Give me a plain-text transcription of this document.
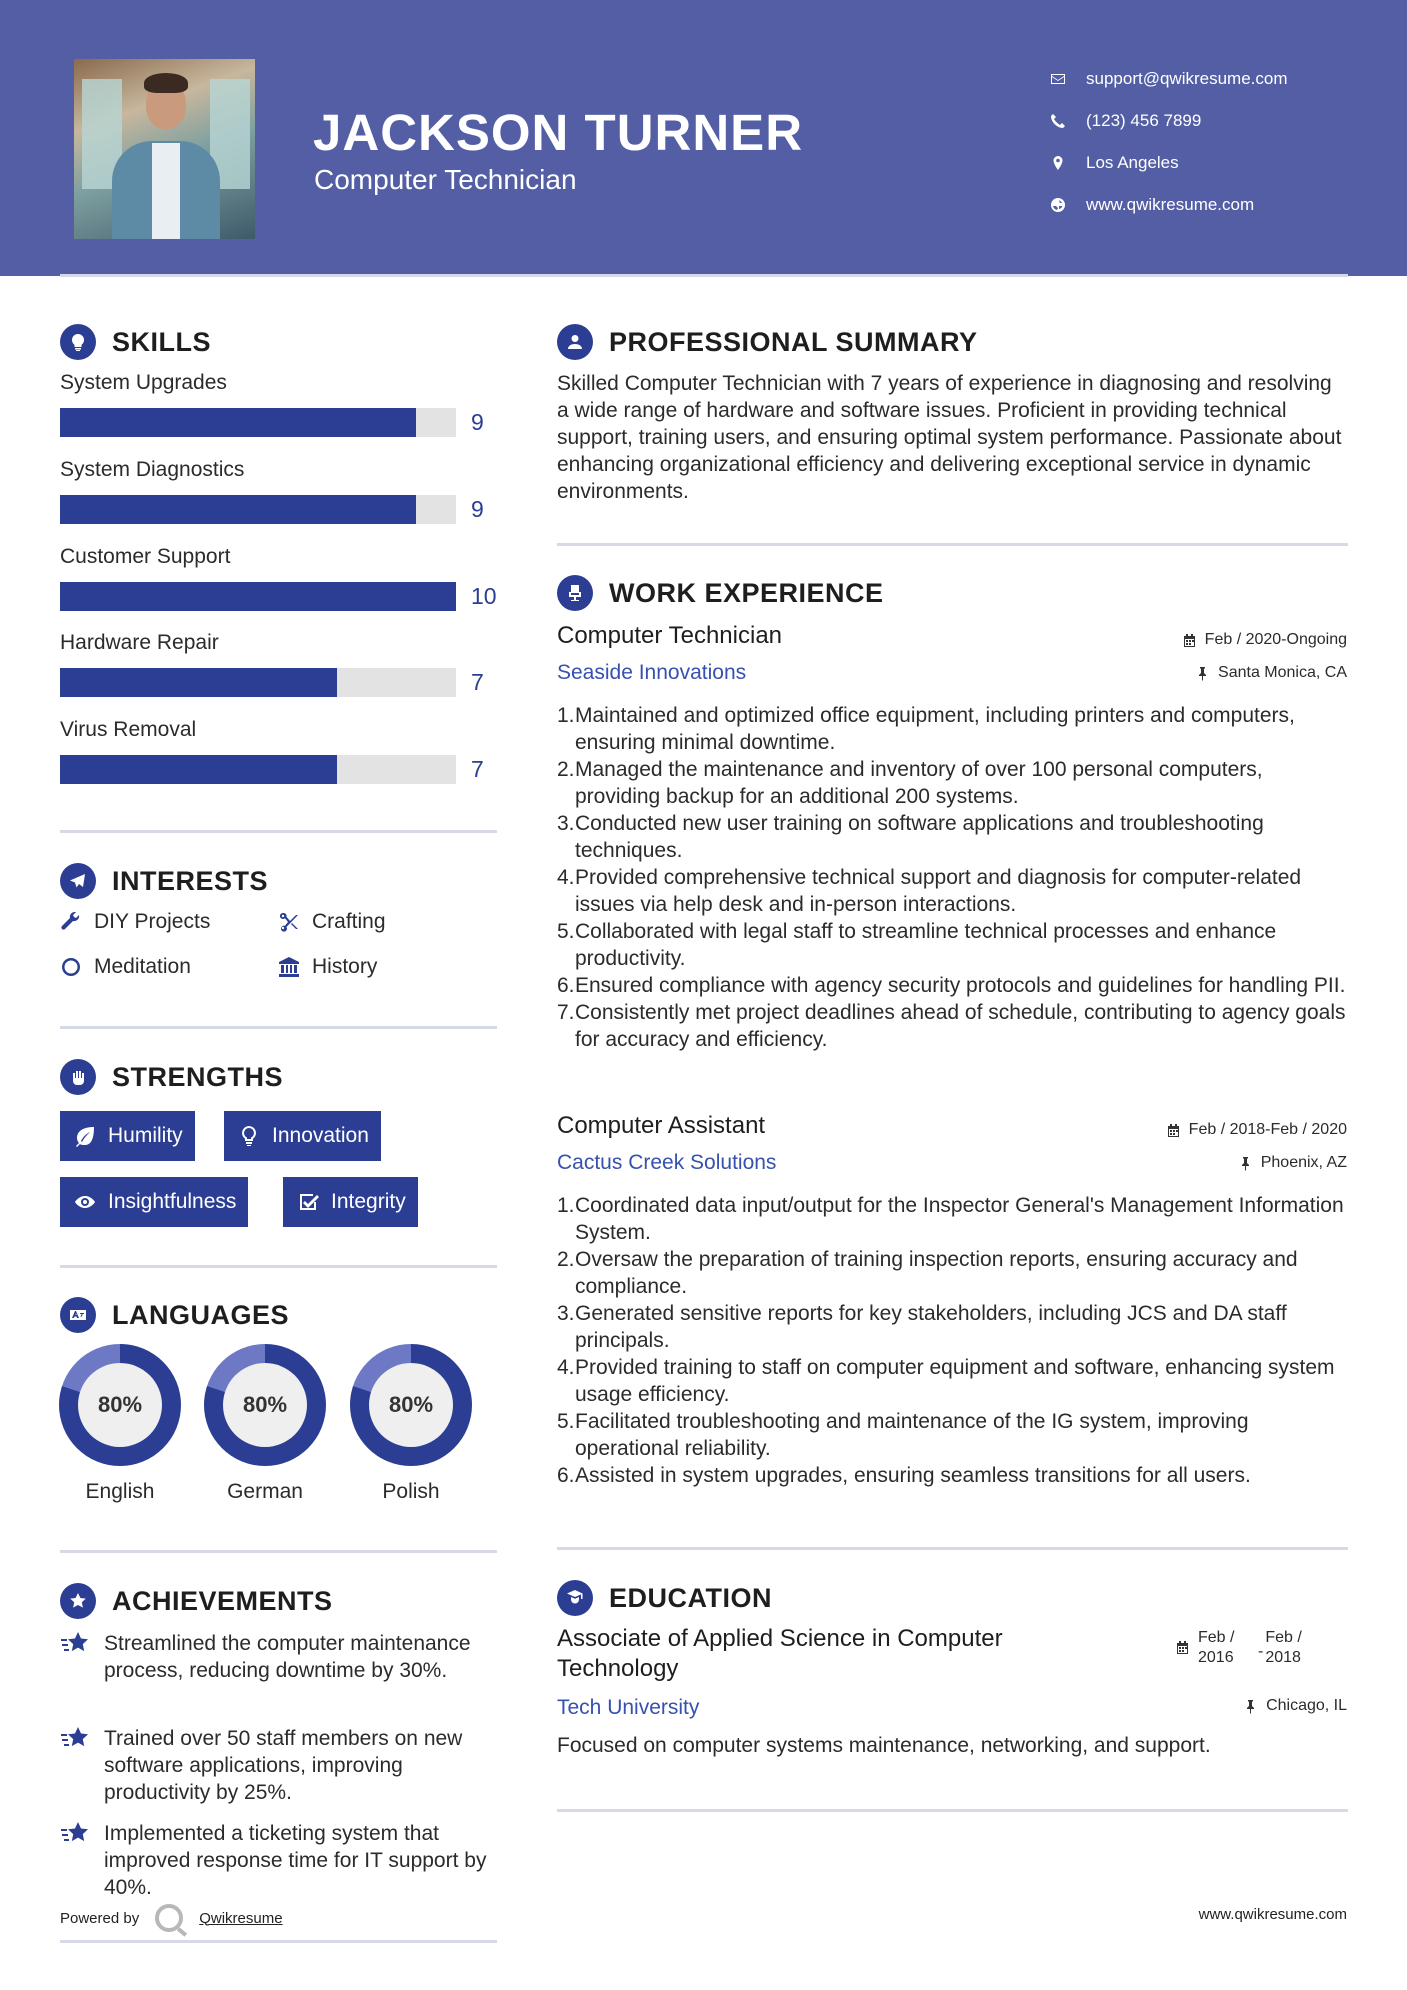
JACKSON TURNER
Computer Technician
support@qwikresume.com
(123) 456 7899
Los Angeles
www.qwikresume.com
SKILLS
System Upgrades
9
System Diagnostics
9
Customer Support
10
Hardware Repair
7
Virus Removal
7
INTERESTS
DIY Projects	Crafting
Meditation	History
STRENGTHS
Humility	Innovation
Insightfulness	Integrity
LANGUAGES
80%
English
80%
German
80%
Polish
ACHIEVEMENTS
Streamlined the computer maintenance process, reducing downtime by 30%.
Trained over 50 staff members on new software applications, improving productivity by 25%.
Implemented a ticketing system that improved response time for IT support by 40%.
PROFESSIONAL SUMMARY

Skilled Computer Technician with 7 years of experience in diagnosing and resolving a wide range of hardware and software issues. Proficient in providing technical support, training users, and ensuring optimal system performance. Passionate about enhancing organizational efficiency and delivering exceptional service in dynamic environments.

WORK EXPERIENCE
Computer Technician	Feb / 2020-Ongoing
Seaside Innovations	Santa Monica, CA
1. Maintained and optimized office equipment, including printers and computers, ensuring minimal downtime.
2. Managed the maintenance and inventory of over 100 personal computers, providing backup for an additional 200 systems.
3. Conducted new user training on software applications and troubleshooting techniques.
4. Provided comprehensive technical support and diagnosis for computer-related issues via help desk and in-person interactions.
5. Collaborated with legal staff to streamline technical processes and enhance productivity.
6. Ensured compliance with agency security protocols and guidelines for handling PII.
7. Consistently met project deadlines ahead of schedule, contributing to agency goals for accuracy and efficiency.
Computer Assistant	Feb / 2018-Feb / 2020
Cactus Creek Solutions	Phoenix, AZ
1. Coordinated data input/output for the Inspector General's Management Information System.
2. Oversaw the preparation of training inspection reports, ensuring accuracy and compliance.
3. Generated sensitive reports for key stakeholders, including JCS and DA staff principals.
4. Provided training to staff on computer equipment and software, enhancing system usage efficiency.
5. Facilitated troubleshooting and maintenance of the IG system, improving operational reliability.
6. Assisted in system upgrades, ensuring seamless transitions for all users.
EDUCATION
Associate of Applied Science in Computer Technology
Feb / 2016	-
Feb / 2018
Tech University	Chicago, IL
Focused on computer systems maintenance, networking, and support.
Powered by	Qwikresume	www.qwikresume.com
